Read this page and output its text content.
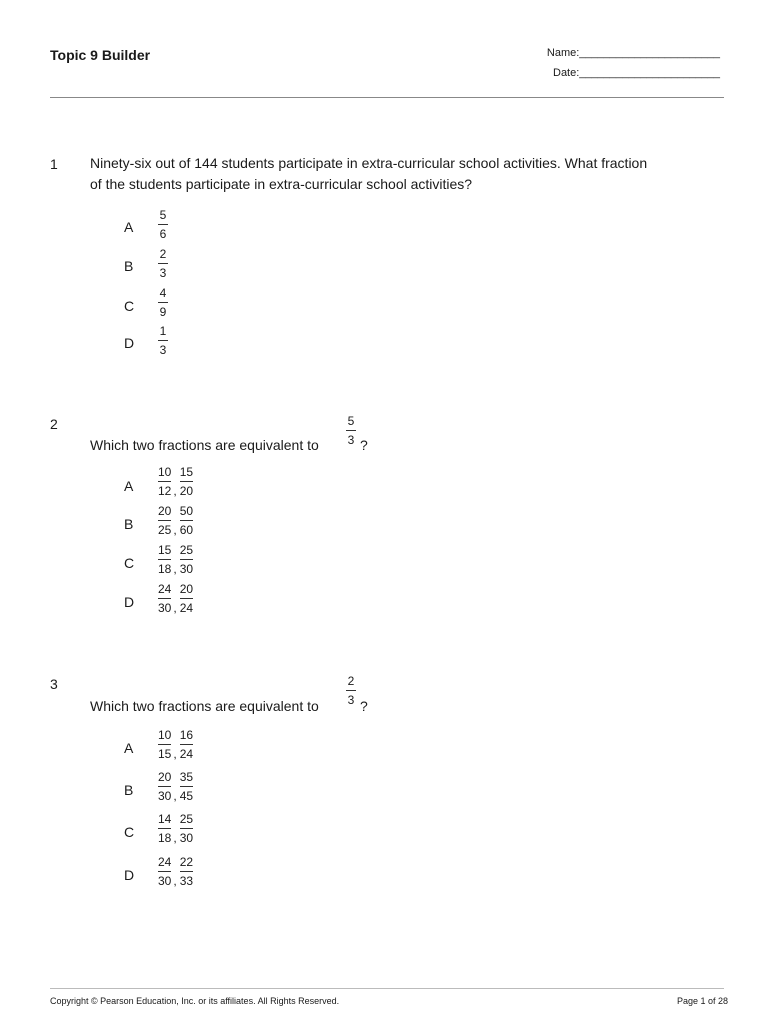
Topic 9 Builder	Name:_______________________
Date:_______________________
1 Ninety-six out of 144 students participate in extra-curricular school activities. What fraction
of the students participate in extra-curricular school activities?
A $\frac{5}{6}$
B $\frac{2}{3}$
C $\frac{4}{9}$
D $\frac{1}{3}$
2
Which two fractions are equivalent to $\frac{5}{3}$ ?
A $\frac{10}{12}$ , $\frac{15}{20}$
B $\frac{20}{25}$ , $\frac{50}{60}$
C $\frac{15}{18}$ , $\frac{25}{30}$
D $\frac{24}{30}$ , $\frac{20}{24}$
3
Which two fractions are equivalent to $\frac{2}{3}$ ?
A $\frac{10}{15}$ , $\frac{16}{24}$
B $\frac{20}{30}$ , $\frac{35}{45}$
C $\frac{14}{18}$ , $\frac{25}{30}$
D $\frac{24}{30}$ , $\frac{22}{33}$
Copyright © Pearson Education, Inc. or its affiliates. All Rights Reserved.	Page 1 of 28
